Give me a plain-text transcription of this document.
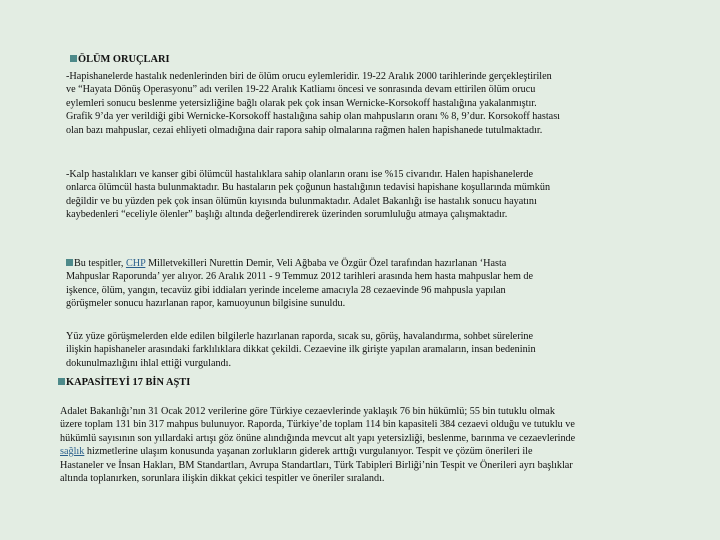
ÖLÜM ORUÇLARI
-Hapishanelerde hastalık nedenlerinden biri de ölüm orucu eylemleridir. 19-22 Aralık 2000 tarihlerinde gerçekleştirilen
ve “Hayata Dönüş Operasyonu” adı verilen 19-22 Aralık Katliamı öncesi ve sonrasında devam ettirilen ölüm orucu
eylemleri sonucu beslenme yetersizliğine bağlı olarak pek çok insan Wernicke-Korsokoff hastalığına yakalanmıştır.
Grafik 9’da yer verildiği gibi Wernicke-Korsokoff hastalığına sahip olan mahpusların oranı % 8, 9’dur. Korsokoff hastası
olan bazı mahpuslar, cezai ehliyeti olmadığına dair rapora sahip olmalarına rağmen halen hapishanede tutulmaktadır.
-Kalp hastalıkları ve kanser gibi ölümcül hastalıklara sahip olanların oranı ise %15 civarıdır. Halen hapishanelerde
onlarca ölümcül hasta bulunmaktadır. Bu hastaların pek çoğunun hastalığının tedavisi hapishane koşullarında mümkün
değildir ve bu yüzden pek çok insan ölümün kıyısında bulunmaktadır. Adalet Bakanlığı ise hastalık sonucu hayatını
kaybedenleri “eceliyle ölenler” başlığı altında değerlendirerek üzerinden sorumluluğu atmaya çalışmaktadır.
Bu tespitler, CHP Milletvekilleri Nurettin Demir, Veli Ağbaba ve Özgür Özel tarafından hazırlanan ‘Hasta
Mahpuslar Raporunda’ yer alıyor. 26 Aralık 2011 - 9 Temmuz 2012 tarihleri arasında hem hasta mahpuslar hem de
işkence, ölüm, yangın, tecavüz gibi iddiaları yerinde inceleme amacıyla 28 cezaevinde 96 mahpusla yapılan
görüşmeler sonucu hazırlanan rapor, kamuoyunun bilgisine sunuldu.
Yüz yüze görüşmelerden elde edilen bilgilerle hazırlanan raporda, sıcak su, görüş, havalandırma, sohbet sürelerine
ilişkin hapishaneler arasındaki farklılıklara dikkat çekildi. Cezaevine ilk girişte yapılan aramaların, insan bedeninin
dokunulmazlığını ihlal ettiği vurgulandı.
KAPASİTEYİ 17 BİN AŞTI
Adalet Bakanlığı’nın 31 Ocak 2012 verilerine göre Türkiye cezaevlerinde yaklaşık 76 bin hükümlü; 55 bin tutuklu olmak
üzere toplam 131 bin 317 mahpus bulunuyor. Raporda, Türkiye’de toplam 114 bin kapasiteli 384 cezaevi olduğu ve tutuklu ve
hükümlü sayısının son yıllardaki artışı göz önüne alındığında mevcut alt yapı yetersizliği, beslenme, barınma ve cezaevlerinde
sağlık hizmetlerine ulaşım konusunda yaşanan zorlukların giderek arttığı vurgulanıyor. Tespit ve çözüm önerileri ile
Hastaneler ve İnsan Hakları, BM Standartları, Avrupa Standartları, Türk Tabipleri Birliği’nin Tespit ve Önerileri ayrı başlıklar
altında toplanırken, sorunlara ilişkin dikkat çekici tespitler ve öneriler sıralandı.
